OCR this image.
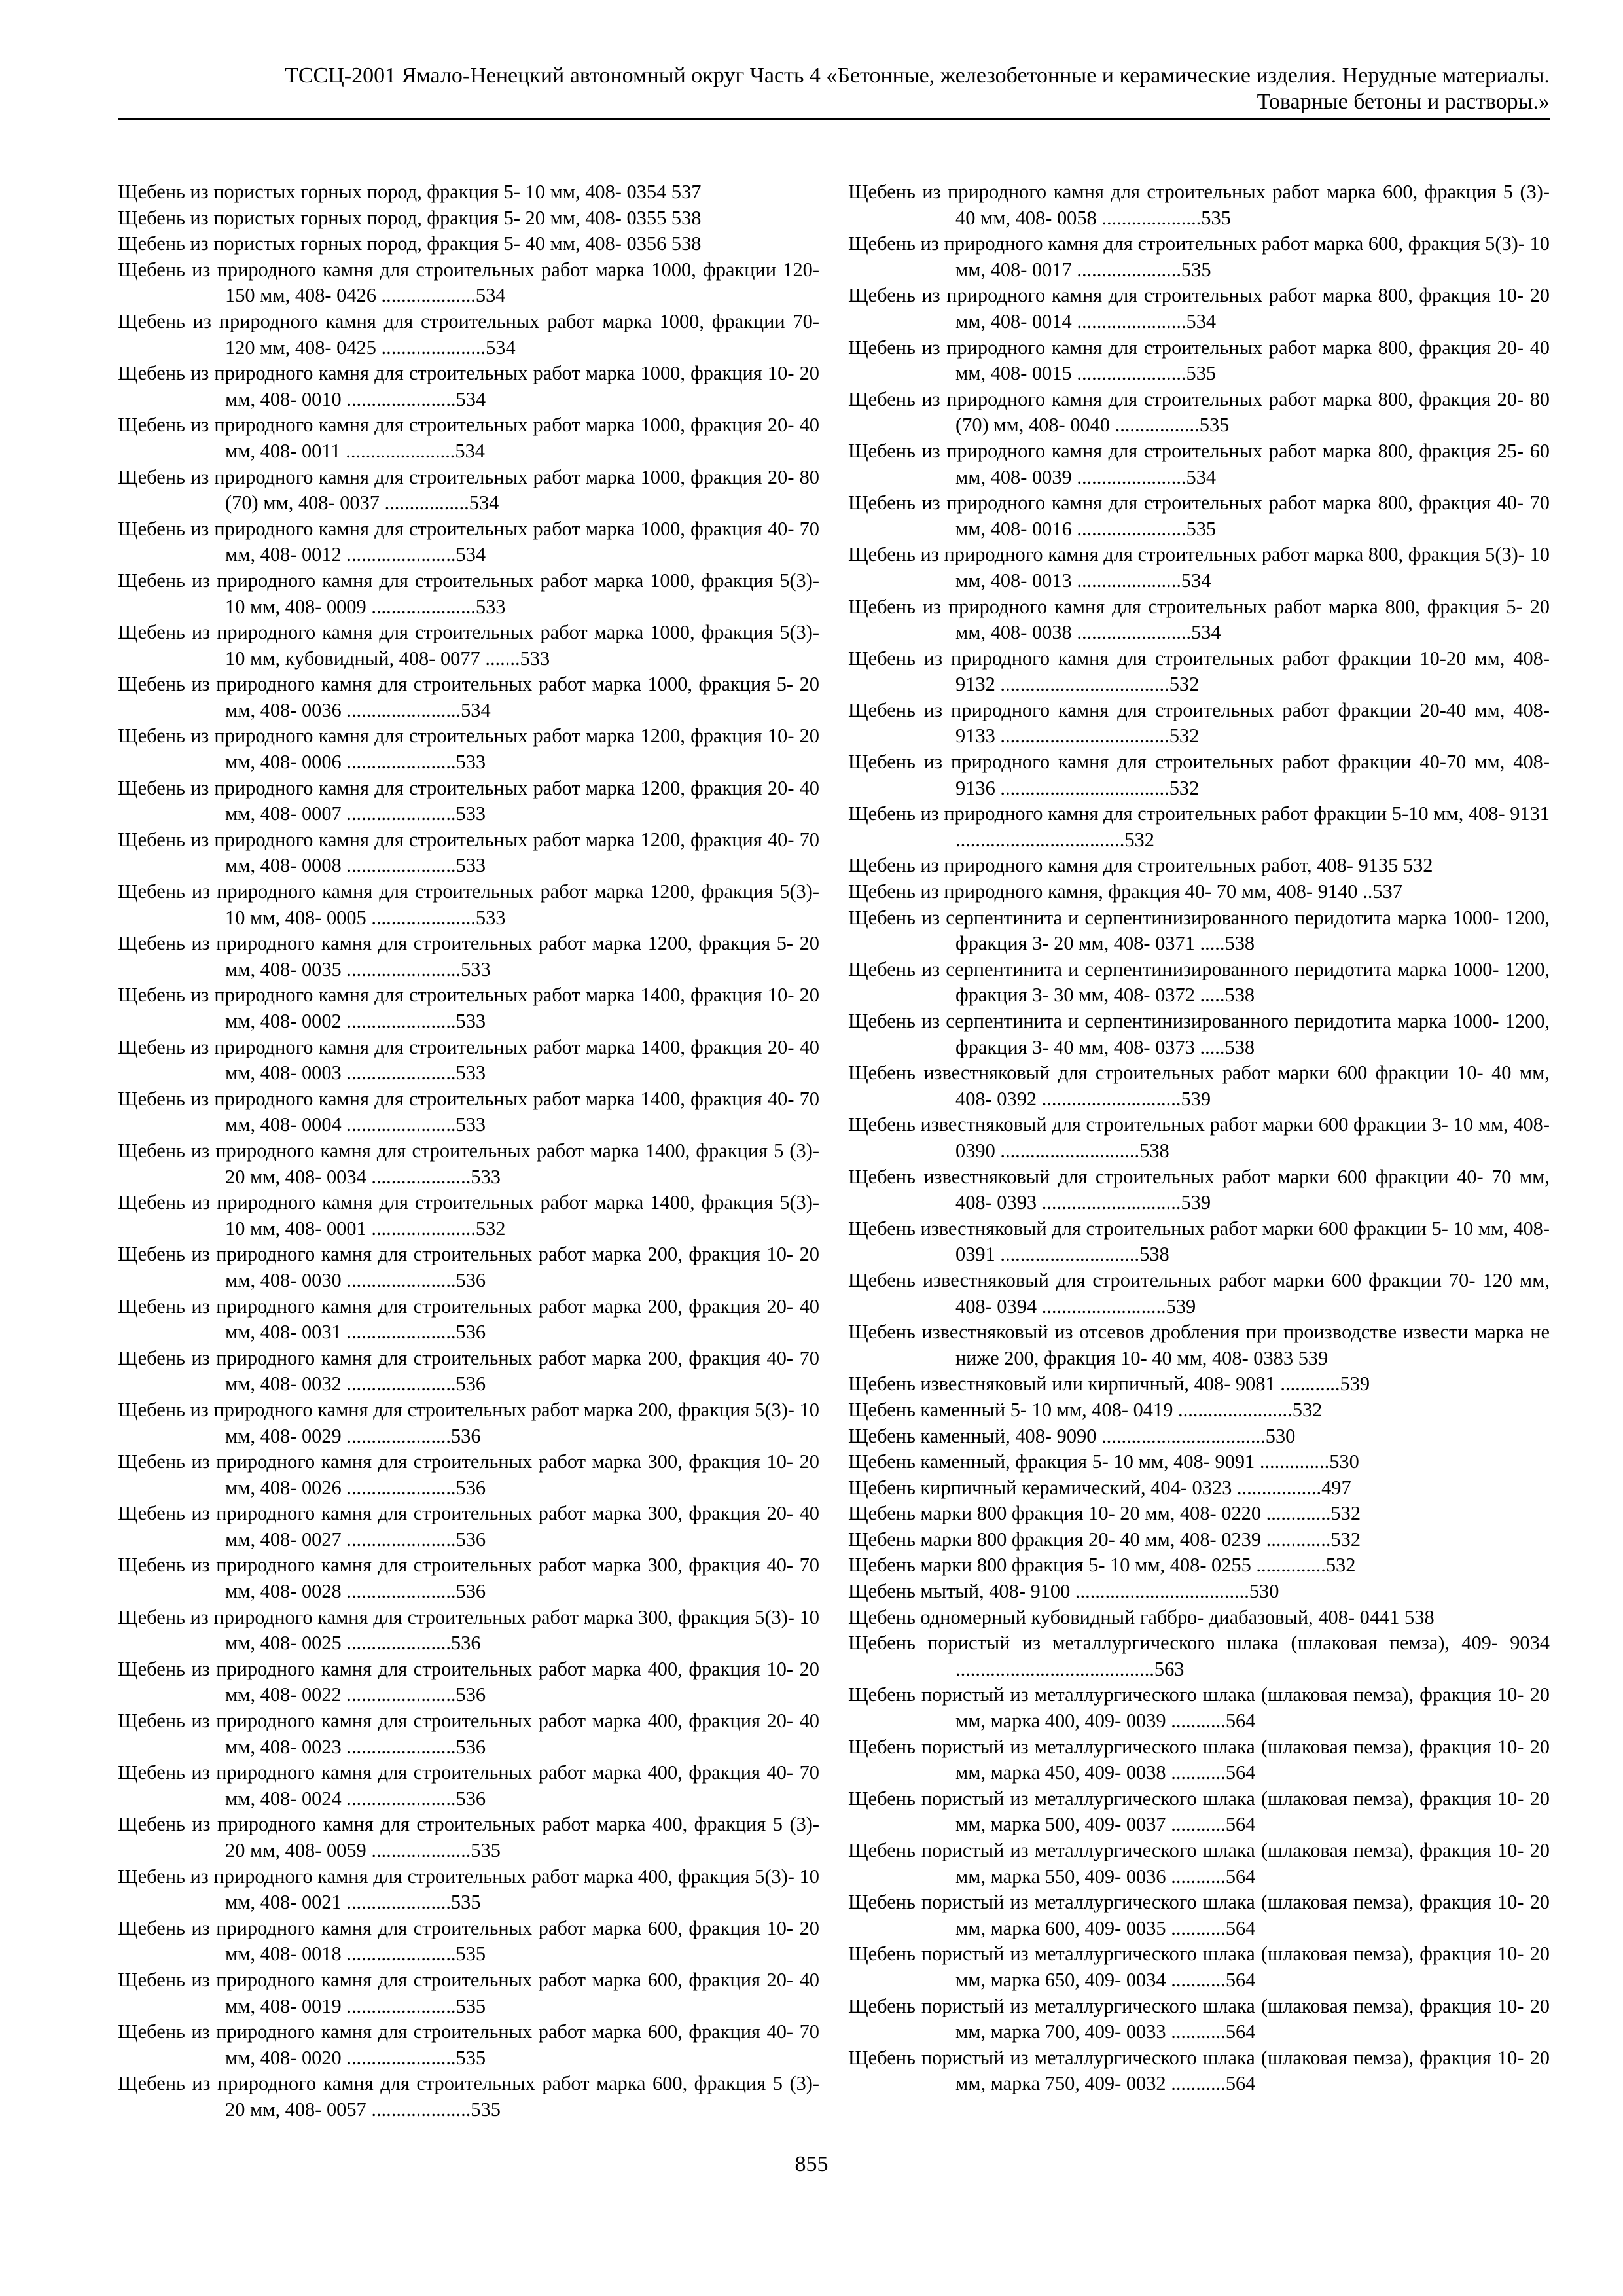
ТССЦ-2001 Ямало-Ненецкий автономный округ Часть 4 «Бетонные, железобетонные и керамические изделия. Нерудные материалы.
Товарные бетоны и растворы.»
Щебень из пористых горных пород, фракция 5- 10 мм, 408- 0354 537
Щебень из пористых горных пород, фракция 5- 20 мм, 408- 0355 538
Щебень из пористых горных пород, фракция 5- 40 мм, 408- 0356 538
Щебень из природного камня для строительных работ марка 1000, фракции 120- 150 мм, 408- 0426 ...................534
Щебень из природного камня для строительных работ марка 1000, фракции 70- 120 мм, 408- 0425 .....................534
Щебень из природного камня для строительных работ марка 1000, фракция 10- 20 мм, 408- 0010 ......................534
Щебень из природного камня для строительных работ марка 1000, фракция 20- 40 мм, 408- 0011 ......................534
Щебень из природного камня для строительных работ марка 1000, фракция 20- 80 (70) мм, 408- 0037 .................534
Щебень из природного камня для строительных работ марка 1000, фракция 40- 70 мм, 408- 0012 ......................534
Щебень из природного камня для строительных работ марка 1000, фракция 5(3)- 10 мм, 408- 0009 .....................533
Щебень из природного камня для строительных работ марка 1000, фракция 5(3)- 10 мм, кубовидный, 408- 0077 .......533
Щебень из природного камня для строительных работ марка 1000, фракция 5- 20 мм, 408- 0036 .......................534
Щебень из природного камня для строительных работ марка 1200, фракция 10- 20 мм, 408- 0006 ......................533
Щебень из природного камня для строительных работ марка 1200, фракция 20- 40 мм, 408- 0007 ......................533
Щебень из природного камня для строительных работ марка 1200, фракция 40- 70 мм, 408- 0008 ......................533
Щебень из природного камня для строительных работ марка 1200, фракция 5(3)- 10 мм, 408- 0005 .....................533
Щебень из природного камня для строительных работ марка 1200, фракция 5- 20 мм, 408- 0035 .......................533
Щебень из природного камня для строительных работ марка 1400, фракция 10- 20 мм, 408- 0002 ......................533
Щебень из природного камня для строительных работ марка 1400, фракция 20- 40 мм, 408- 0003 ......................533
Щебень из природного камня для строительных работ марка 1400, фракция 40- 70 мм, 408- 0004 ......................533
Щебень из природного камня для строительных работ марка 1400, фракция 5 (3)- 20 мм, 408- 0034 ....................533
Щебень из природного камня для строительных работ марка 1400, фракция 5(3)- 10 мм, 408- 0001 .....................532
Щебень из природного камня для строительных работ марка 200, фракция 10- 20 мм, 408- 0030 ......................536
Щебень из природного камня для строительных работ марка 200, фракция 20- 40 мм, 408- 0031 ......................536
Щебень из природного камня для строительных работ марка 200, фракция 40- 70 мм, 408- 0032 ......................536
Щебень из природного камня для строительных работ марка 200, фракция 5(3)- 10 мм, 408- 0029 .....................536
Щебень из природного камня для строительных работ марка 300, фракция 10- 20 мм, 408- 0026 ......................536
Щебень из природного камня для строительных работ марка 300, фракция 20- 40 мм, 408- 0027 ......................536
Щебень из природного камня для строительных работ марка 300, фракция 40- 70 мм, 408- 0028 ......................536
Щебень из природного камня для строительных работ марка 300, фракция 5(3)- 10 мм, 408- 0025 .....................536
Щебень из природного камня для строительных работ марка 400, фракция 10- 20 мм, 408- 0022 ......................536
Щебень из природного камня для строительных работ марка 400, фракция 20- 40 мм, 408- 0023 ......................536
Щебень из природного камня для строительных работ марка 400, фракция 40- 70 мм, 408- 0024 ......................536
Щебень из природного камня для строительных работ марка 400, фракция 5 (3)- 20 мм, 408- 0059 ....................535
Щебень из природного камня для строительных работ марка 400, фракция 5(3)- 10 мм, 408- 0021 .....................535
Щебень из природного камня для строительных работ марка 600, фракция 10- 20 мм, 408- 0018 ......................535
Щебень из природного камня для строительных работ марка 600, фракция 20- 40 мм, 408- 0019 ......................535
Щебень из природного камня для строительных работ марка 600, фракция 40- 70 мм, 408- 0020 ......................535
Щебень из природного камня для строительных работ марка 600, фракция 5 (3)- 20 мм, 408- 0057 ....................535
Щебень из природного камня для строительных работ марка 600, фракция 5 (3)- 40 мм, 408- 0058 ....................535
Щебень из природного камня для строительных работ марка 600, фракция 5(3)- 10 мм, 408- 0017 .....................535
Щебень из природного камня для строительных работ марка 800, фракция 10- 20 мм, 408- 0014 ......................534
Щебень из природного камня для строительных работ марка 800, фракция 20- 40 мм, 408- 0015 ......................535
Щебень из природного камня для строительных работ марка 800, фракция 20- 80 (70) мм, 408- 0040 .................535
Щебень из природного камня для строительных работ марка 800, фракция 25- 60 мм, 408- 0039 ......................534
Щебень из природного камня для строительных работ марка 800, фракция 40- 70 мм, 408- 0016 ......................535
Щебень из природного камня для строительных работ марка 800, фракция 5(3)- 10 мм, 408- 0013 .....................534
Щебень из природного камня для строительных работ марка 800, фракция 5- 20 мм, 408- 0038 .......................534
Щебень из природного камня для строительных работ фракции 10-20 мм, 408- 9132 ..................................532
Щебень из природного камня для строительных работ фракции 20-40 мм, 408- 9133 ..................................532
Щебень из природного камня для строительных работ фракции 40-70 мм, 408- 9136 ..................................532
Щебень из природного камня для строительных работ фракции 5-10 мм, 408- 9131 ..................................532
Щебень из природного камня для строительных работ, 408- 9135 532
Щебень из природного камня, фракция 40- 70 мм, 408- 9140 ..537
Щебень из серпентинита и серпентинизированного перидотита марка 1000- 1200, фракция 3- 20 мм, 408- 0371 .....538
Щебень из серпентинита и серпентинизированного перидотита марка 1000- 1200, фракция 3- 30 мм, 408- 0372 .....538
Щебень из серпентинита и серпентинизированного перидотита марка 1000- 1200, фракция 3- 40 мм, 408- 0373 .....538
Щебень известняковый для строительных работ марки 600 фракции 10- 40 мм, 408- 0392 ............................539
Щебень известняковый для строительных работ марки 600 фракции 3- 10 мм, 408- 0390 ............................538
Щебень известняковый для строительных работ марки 600 фракции 40- 70 мм, 408- 0393 ............................539
Щебень известняковый для строительных работ марки 600 фракции 5- 10 мм, 408- 0391 ............................538
Щебень известняковый для строительных работ марки 600 фракции 70- 120 мм, 408- 0394 .........................539
Щебень известняковый из отсевов дробления при производстве извести марка не ниже 200, фракция 10- 40 мм, 408- 0383 539
Щебень известняковый или кирпичный, 408- 9081 ............539
Щебень каменный 5- 10 мм, 408- 0419 .......................532
Щебень каменный, 408- 9090 .................................530
Щебень каменный, фракция 5- 10 мм, 408- 9091 ..............530
Щебень кирпичный керамический, 404- 0323 .................497
Щебень марки 800 фракция 10- 20 мм, 408- 0220 .............532
Щебень марки 800 фракция 20- 40 мм, 408- 0239 .............532
Щебень марки 800 фракция 5- 10 мм, 408- 0255 ..............532
Щебень мытый, 408- 9100 ...................................530
Щебень одномерный кубовидный габбро- диабазовый, 408- 0441 538
Щебень пористый из металлургического шлака (шлаковая пемза), 409- 9034 ........................................563
Щебень пористый из металлургического шлака (шлаковая пемза), фракция 10- 20 мм, марка 400, 409- 0039 ...........564
Щебень пористый из металлургического шлака (шлаковая пемза), фракция 10- 20 мм, марка 450, 409- 0038 ...........564
Щебень пористый из металлургического шлака (шлаковая пемза), фракция 10- 20 мм, марка 500, 409- 0037 ...........564
Щебень пористый из металлургического шлака (шлаковая пемза), фракция 10- 20 мм, марка 550, 409- 0036 ...........564
Щебень пористый из металлургического шлака (шлаковая пемза), фракция 10- 20 мм, марка 600, 409- 0035 ...........564
Щебень пористый из металлургического шлака (шлаковая пемза), фракция 10- 20 мм, марка 650, 409- 0034 ...........564
Щебень пористый из металлургического шлака (шлаковая пемза), фракция 10- 20 мм, марка 700, 409- 0033 ...........564
Щебень пористый из металлургического шлака (шлаковая пемза), фракция 10- 20 мм, марка 750, 409- 0032 ...........564
855
